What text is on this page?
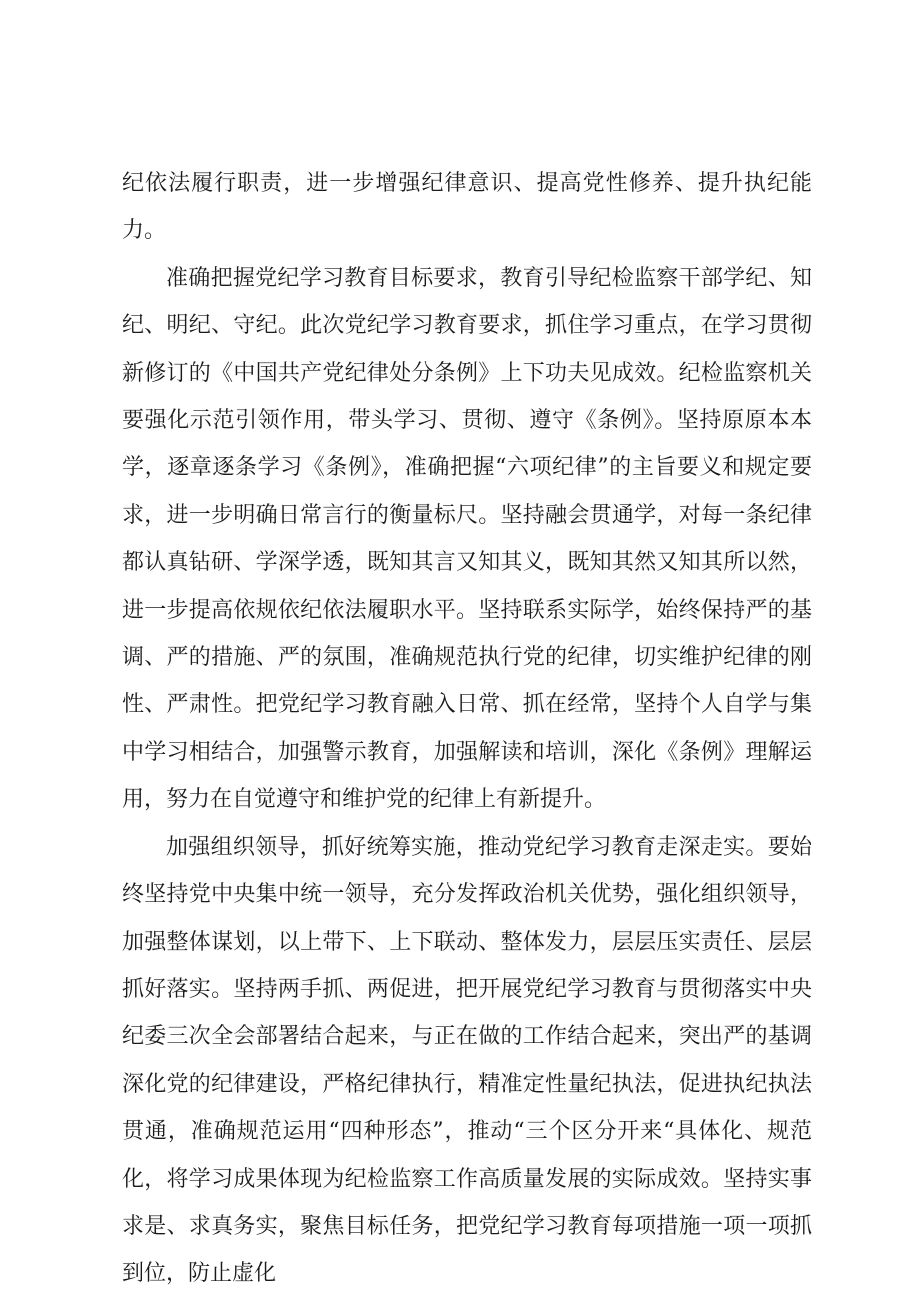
纪依法履行职责，进一步增强纪律意识、提高党性修养、提升执纪能力。

准确把握党纪学习教育目标要求，教育引导纪检监察干部学纪、知纪、明纪、守纪。此次党纪学习教育要求，抓住学习重点，在学习贯彻新修订的《中国共产党纪律处分条例》上下功夫见成效。纪检监察机关要强化示范引领作用，带头学习、贯彻、遵守《条例》。坚持原原本本学，逐章逐条学习《条例》，准确把握“六项纪律”的主旨要义和规定要求，进一步明确日常言行的衡量标尺。坚持融会贯通学，对每一条纪律都认真钻研、学深学透，既知其言又知其义，既知其然又知其所以然，进一步提高依规依纪依法履职水平。坚持联系实际学，始终保持严的基调、严的措施、严的氛围，准确规范执行党的纪律，切实维护纪律的刚性、严肃性。把党纪学习教育融入日常、抓在经常，坚持个人自学与集中学习相结合，加强警示教育，加强解读和培训，深化《条例》理解运用，努力在自觉遵守和维护党的纪律上有新提升。

加强组织领导，抓好统筹实施，推动党纪学习教育走深走实。要始终坚持党中央集中统一领导，充分发挥政治机关优势，强化组织领导，加强整体谋划，以上带下、上下联动、整体发力，层层压实责任、层层抓好落实。坚持两手抓、两促进，把开展党纪学习教育与贯彻落实中央纪委三次全会部署结合起来，与正在做的工作结合起来，突出严的基调深化党的纪律建设，严格纪律执行，精准定性量纪执法，促进执纪执法贯通，准确规范运用“四种形态”，推动“三个区分开来“具体化、规范化，将学习成果体现为纪检监察工作高质量发展的实际成效。坚持实事求是、求真务实，聚焦目标任务，把党纪学习教育每项措施一项一项抓到位，防止虚化
